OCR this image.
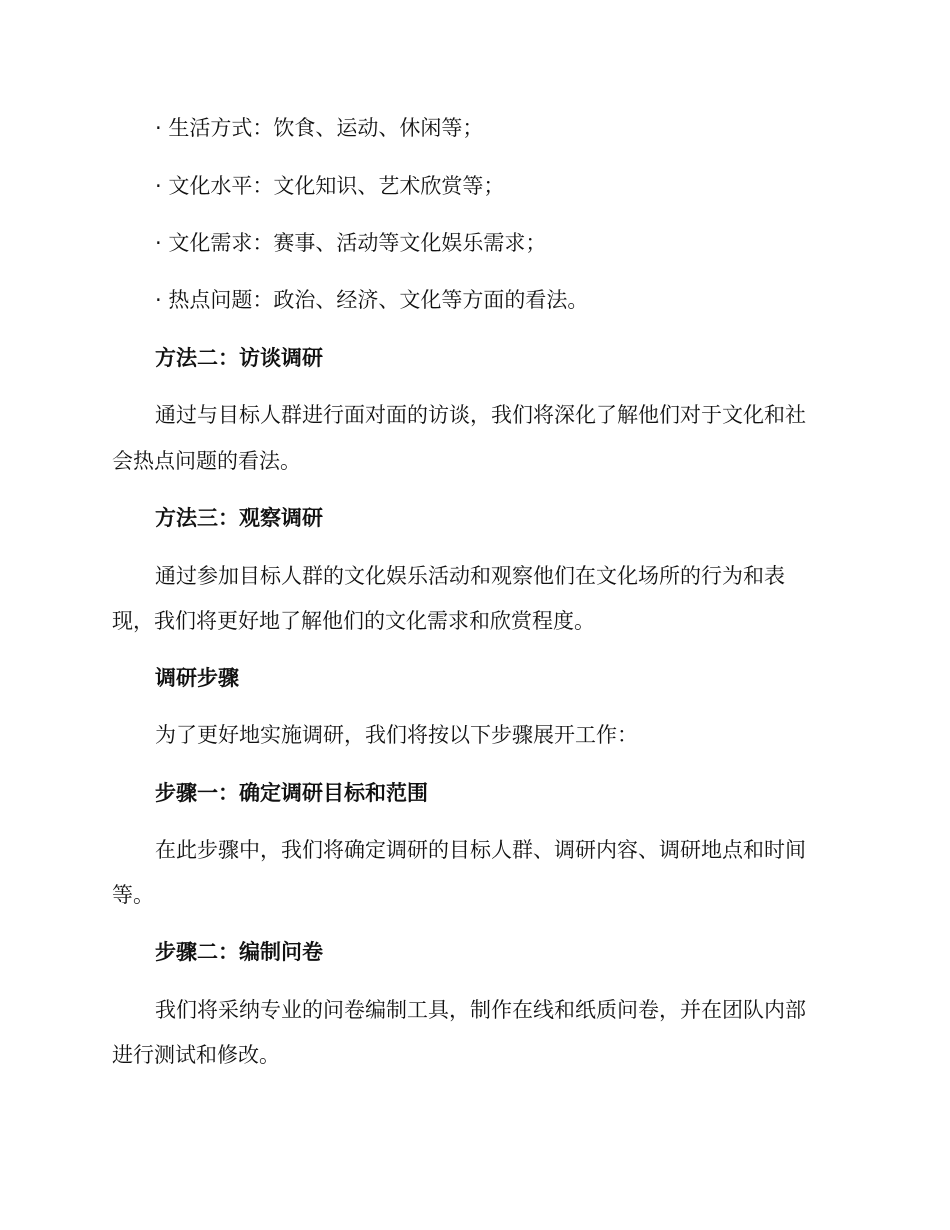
· 生活方式：饮食、运动、休闲等；
· 文化水平：文化知识、艺术欣赏等；
· 文化需求：赛事、活动等文化娱乐需求；
· 热点问题：政治、经济、文化等方面的看法。
方法二：访谈调研
通过与目标人群进行面对面的访谈，我们将深化了解他们对于文化和社
会热点问题的看法。
方法三：观察调研
通过参加目标人群的文化娱乐活动和观察他们在文化场所的行为和表
现，我们将更好地了解他们的文化需求和欣赏程度。
调研步骤
为了更好地实施调研，我们将按以下步骤展开工作：
步骤一：确定调研目标和范围
在此步骤中，我们将确定调研的目标人群、调研内容、调研地点和时间
等。
步骤二：编制问卷
我们将采纳专业的问卷编制工具，制作在线和纸质问卷，并在团队内部
进行测试和修改。
